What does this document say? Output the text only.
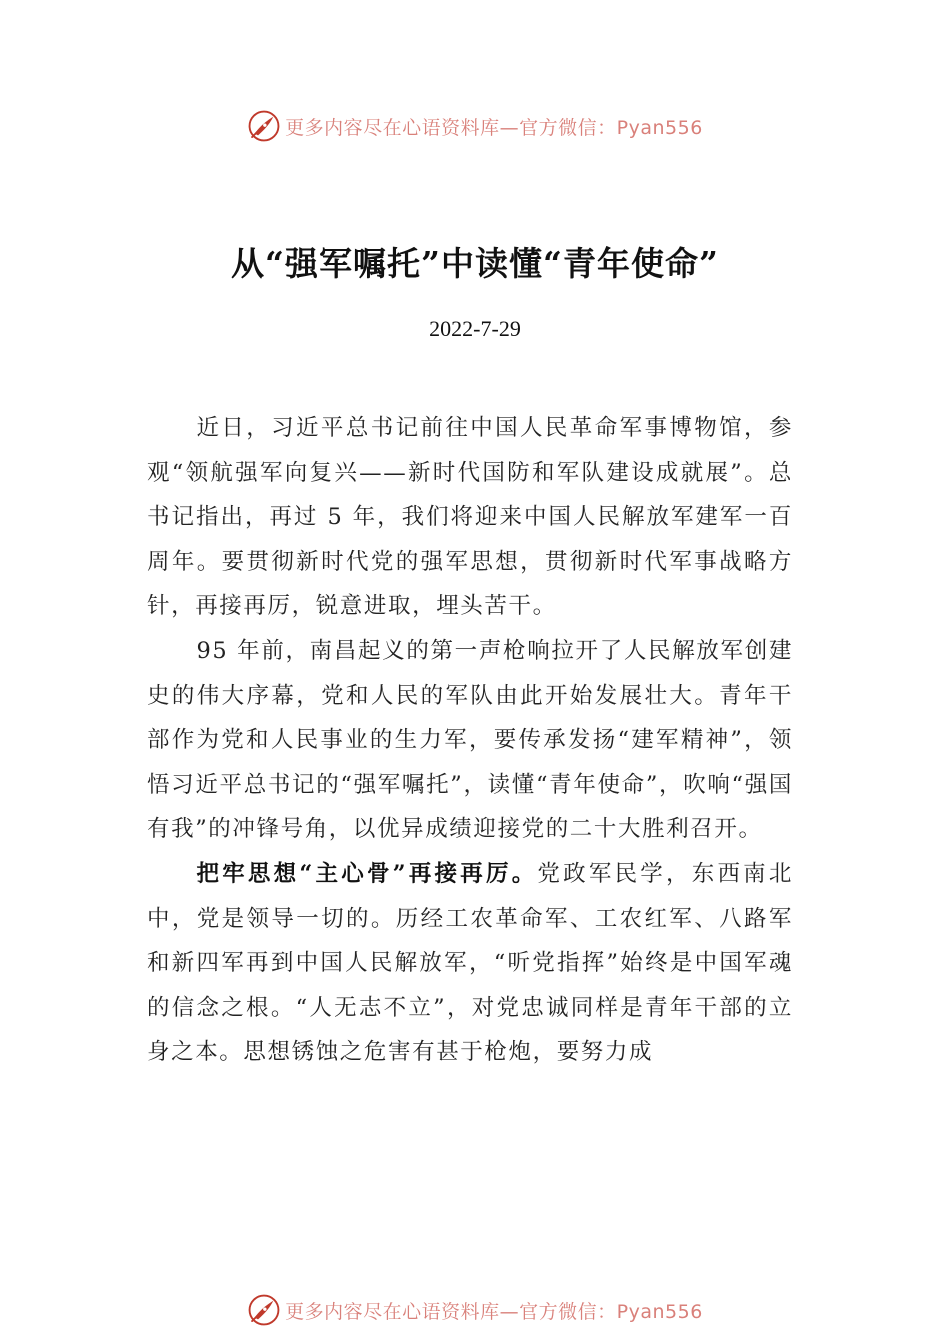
更多内容尽在心语资料库—官方微信：Pyan556
从“强军嘱托”中读懂“青年使命”
2022-7-29

近日，习近平总书记前往中国人民革命军事博物馆，参观“领航强军向复兴——新时代国防和军队建设成就展”。总书记指出，再过 5 年，我们将迎来中国人民解放军建军一百周年。要贯彻新时代党的强军思想，贯彻新时代军事战略方针，再接再厉，锐意进取，埋头苦干。

95 年前，南昌起义的第一声枪响拉开了人民解放军创建史的伟大序幕，党和人民的军队由此开始发展壮大。青年干部作为党和人民事业的生力军，要传承发扬“建军精神”，领悟习近平总书记的“强军嘱托”，读懂“青年使命”，吹响“强国有我”的冲锋号角，以优异成绩迎接党的二十大胜利召开。

把牢思想“主心骨”再接再厉。党政军民学，东西南北中，党是领导一切的。历经工农革命军、工农红军、八路军和新四军再到中国人民解放军，“听党指挥”始终是中国军魂的信念之根。“人无志不立”，对党忠诚同样是青年干部的立身之本。思想锈蚀之危害有甚于枪炮，要努力成

更多内容尽在心语资料库—官方微信：Pyan556
